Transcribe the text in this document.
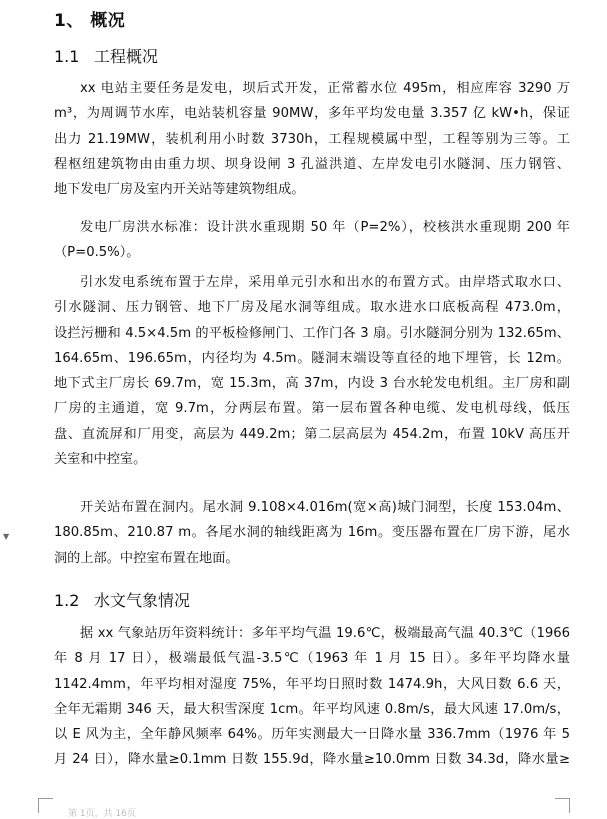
1、 概况
1.1 工程概况
xx 电站主要任务是发电，坝后式开发，正常蓄水位 495m，相应库容 3290 万
m³，为周调节水库，电站装机容量 90MW，多年平均发电量 3.357 亿 kW•h，保证
出力 21.19MW，装机利用小时数 3730h，工程规模属中型，工程等别为三等。工
程枢纽建筑物由由重力坝、坝身设闸 3 孔溢洪道、左岸发电引水隧洞、压力钢管、
地下发电厂房及室内开关站等建筑物组成。
发电厂房洪水标准：设计洪水重现期 50 年（P=2%），校核洪水重现期 200 年
（P=0.5%）。
引水发电系统布置于左岸，采用单元引水和出水的布置方式。由岸塔式取水口、
引水隧洞、压力钢管、地下厂房及尾水洞等组成。取水进水口底板高程 473.0m，
设拦污栅和 4.5×4.5m 的平板检修闸门、工作门各 3 扇。引水隧洞分别为 132.65m、
164.65m、196.65m，内径均为 4.5m。隧洞末端设等直径的地下埋管，长 12m。
地下式主厂房长 69.7m，宽 15.3m，高 37m，内设 3 台水轮发电机组。主厂房和副
厂房的主通道，宽 9.7m，分两层布置。第一层布置各种电缆、发电机母线，低压
盘、直流屏和厂用变，高层为 449.2m；第二层高层为 454.2m，布置 10kV 高压开
关室和中控室。
开关站布置在洞内。尾水洞 9.108×4.016m(宽×高)城门洞型，长度 153.04m、
180.85m、210.87 m。各尾水洞的轴线距离为 16m。变压器布置在厂房下游，尾水
洞的上部。中控室布置在地面。
1.2 水文气象情况
据 xx 气象站历年资料统计：多年平均气温 19.6℃，极端最高气温 40.3℃（1966
年 8 月 17 日），极端最低气温-3.5℃（1963 年 1 月 15 日）。多年平均降水量
1142.4mm，年平均相对湿度 75%，年平均日照时数 1474.9h，大风日数 6.6 天，
全年无霜期 346 天，最大积雪深度 1cm。年平均风速 0.8m/s，最大风速 17.0m/s，
以 E 风为主，全年静风频率 64%。历年实测最大一日降水量 336.7mm（1976 年 5
月 24 日），降水量≥0.1mm 日数 155.9d，降水量≥10.0mm 日数 34.3d，降水量≥
▼
第 1页，共 16页
